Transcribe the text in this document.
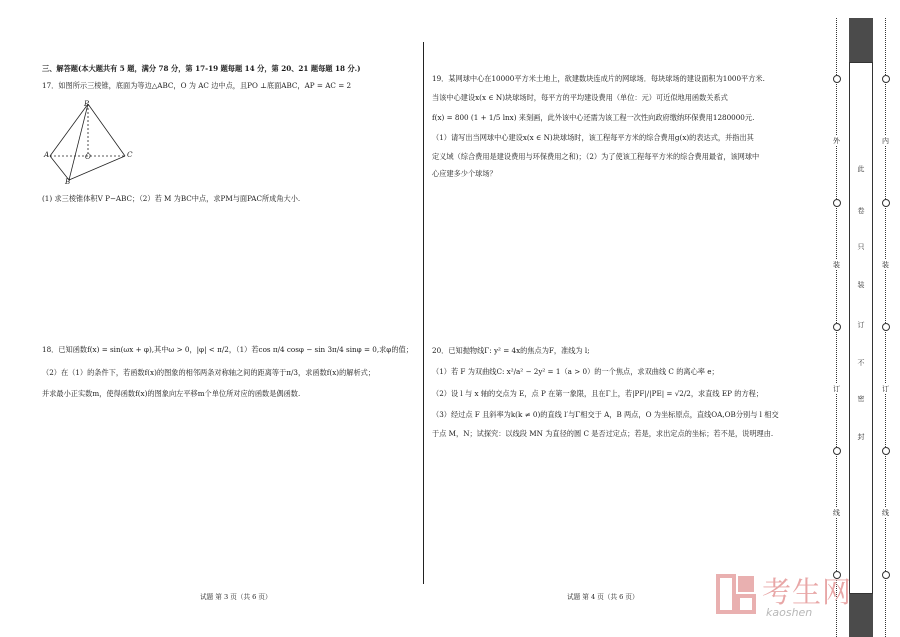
三、解答题(本大题共有 5 题，满分 78 分，第 17-19 题每题 14 分，第 20、21 题每题 18 分.)
17．如图所示三棱锥，底面为等边△ABC，O 为 AC 边中点，且PO ⊥底面ABC，AP = AC = 2
P
A	O	C
B
(1) 求三棱锥体积V P−ABC；（2）若 M 为BC中点，求PM与面PAC所成角大小.
18．已知函数f(x) = sin(ωx + φ),其中ω > 0，|φ| < π/2，（1）若cos π/4 cosφ − sin 3π/4 sinφ = 0,求φ的值；
（2）在（1）的条件下，若函数f(x)的图象的相邻两条对称轴之间的距离等于π/3，求函数f(x)的解析式；
并求最小正实数m，使得函数f(x)的图象向左平移m个单位所对应的函数是偶函数.
试题 第 3 页（共 6 页）
19．某网球中心在10000平方米土地上，欲建数块连成片的网球场．每块球场的建设面积为1000平方米.
当该中心建设x(x ∈ N)块球场时，每平方的平均建设费用（单位：元）可近似地用函数关系式
f(x) = 800 (1 + 1/5 lnx) 来刻画，此外该中心还需为该工程一次性向政府缴纳环保费用1280000元.
（1）请写出当网球中心建设x(x ∈ N)块球场时，该工程每平方米的综合费用g(x)的表达式，并指出其
定义域（综合费用是建设费用与环保费用之和)；（2）为了使该工程每平方米的综合费用最省，该网球中
心应建多少个球场？
20．已知抛物线Γ: y² = 4x的焦点为F，准线为 l;
（1）若 F 为双曲线C: x²/a² − 2y² = 1（a > 0）的一个焦点，求双曲线 C 的离心率 e；
（2）设 l 与 x 轴的交点为 E，点 P 在第一象限，且在Γ上，若|PF|/|PE| = √2/2，求直线 EP 的方程；
（3）经过点 F 且斜率为k(k ≠ 0)的直线 l′与Γ相交于 A，B 两点，O 为坐标原点，直线OA,OB分别与 l 相交
于点 M，N；试探究：以线段 MN 为直径的圆 C 是否过定点；若是，求出定点的坐标；若不是，说明理由.
试题 第 4 页（共 6 页）
外
装
订
线
此
卷
只
装
订
不
密
封
内
装
订
线
考生网
kaoshen
